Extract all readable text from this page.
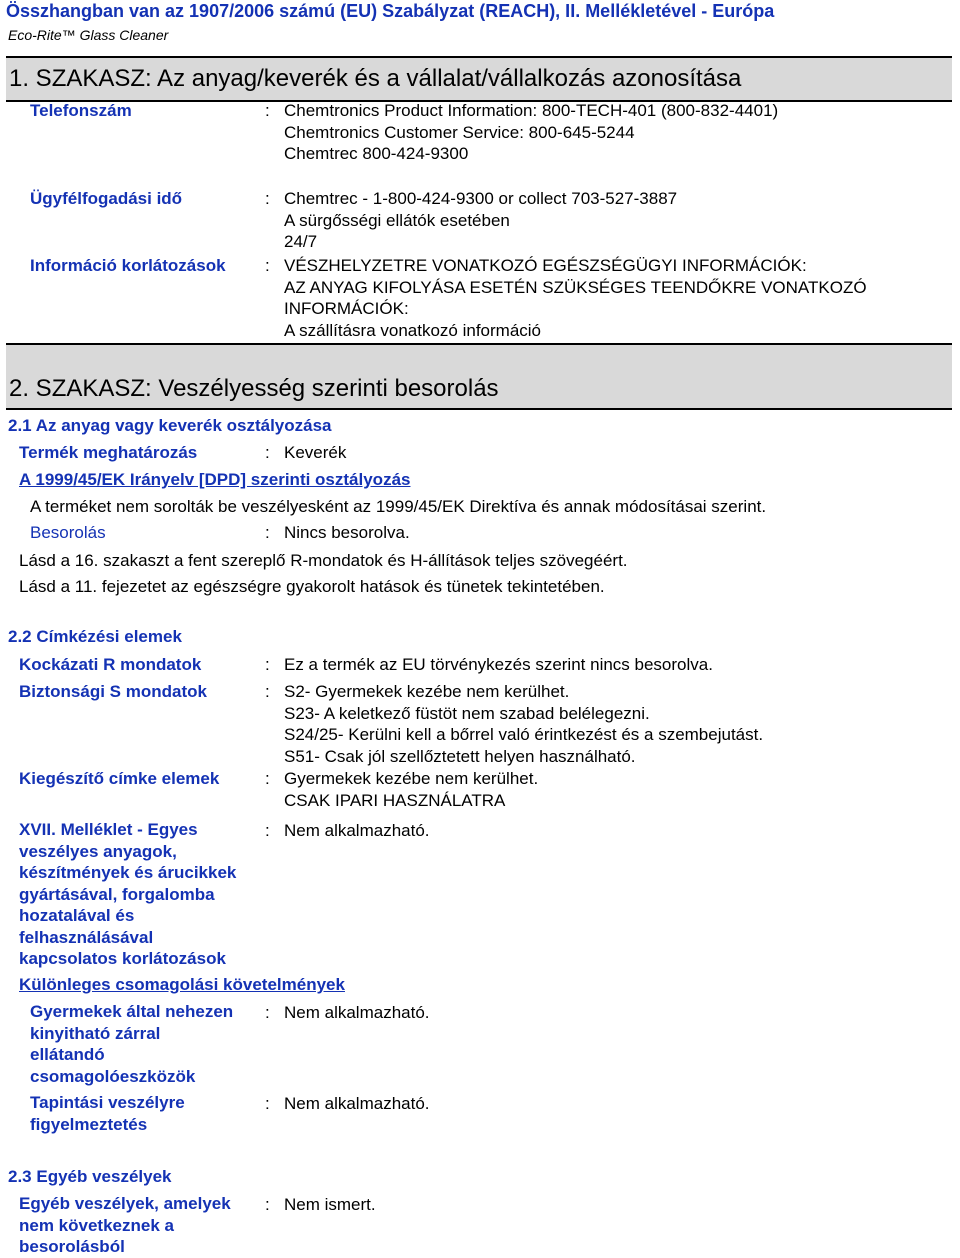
Összhangban van az 1907/2006 számú (EU) Szabályzat (REACH), II. Mellékletével - Európa
Eco-Rite™ Glass Cleaner
1. SZAKASZ: Az anyag/keverék és a vállalat/vállalkozás azonosítása
Telefonszám	: Chemtronics Product Information: 800-TECH-401 (800-832-4401)
Chemtronics Customer Service: 800-645-5244
Chemtrec 800-424-9300
Ügyfélfogadási idő	: Chemtrec - 1-800-424-9300 or collect 703-527-3887
A sürgősségi ellátók esetében
24/7
Információ korlátozások : VÉSZHELYZETRE VONATKOZÓ EGÉSZSÉGÜGYI INFORMÁCIÓK:
AZ ANYAG KIFOLYÁSA ESETÉN SZÜKSÉGES TEENDŐKRE VONATKOZÓ
INFORMÁCIÓK:
A szállításra vonatkozó információ
2. SZAKASZ: Veszélyesség szerinti besorolás
2.1 Az anyag vagy keverék osztályozása
Termék meghatározás	: Keverék
A 1999/45/EK Irányelv [DPD] szerinti osztályozás
A terméket nem sorolták be veszélyesként az 1999/45/EK Direktíva és annak módosításai szerint.
Besorolás	: Nincs besorolva.
Lásd a 16. szakaszt a fent szereplő R-mondatok és H-állítások teljes szövegéért.
Lásd a 11. fejezetet az egészségre gyakorolt hatások és tünetek tekintetében.
2.2 Címkézési elemek
Kockázati R mondatok	: Ez a termék az EU törvénykezés szerint nincs besorolva.
Biztonsági S mondatok	: S2- Gyermekek kezébe nem kerülhet.
S23- A keletkező füstöt nem szabad belélegezni.
S24/25- Kerülni kell a bőrrel való érintkezést és a szembejutást.
S51- Csak jól szellőztetett helyen használható.
Kiegészítő címke elemek	: Gyermekek kezébe nem kerülhet.
CSAK IPARI HASZNÁLATRA
XVII. Melléklet - Egyes
veszélyes anyagok,
készítmények és árucikkek
gyártásával, forgalomba
hozatalával és
felhasználásával
kapcsolatos korlátozások
: Nem alkalmazható.
Különleges csomagolási követelmények
Gyermekek által nehezen
kinyitható zárral
ellátandó
csomagolóeszközök
: Nem alkalmazható.
Tapintási veszélyre
figyelmeztetés
: Nem alkalmazható.
2.3 Egyéb veszélyek
Egyéb veszélyek, amelyek
nem következnek a
besorolásból
: Nem ismert.
